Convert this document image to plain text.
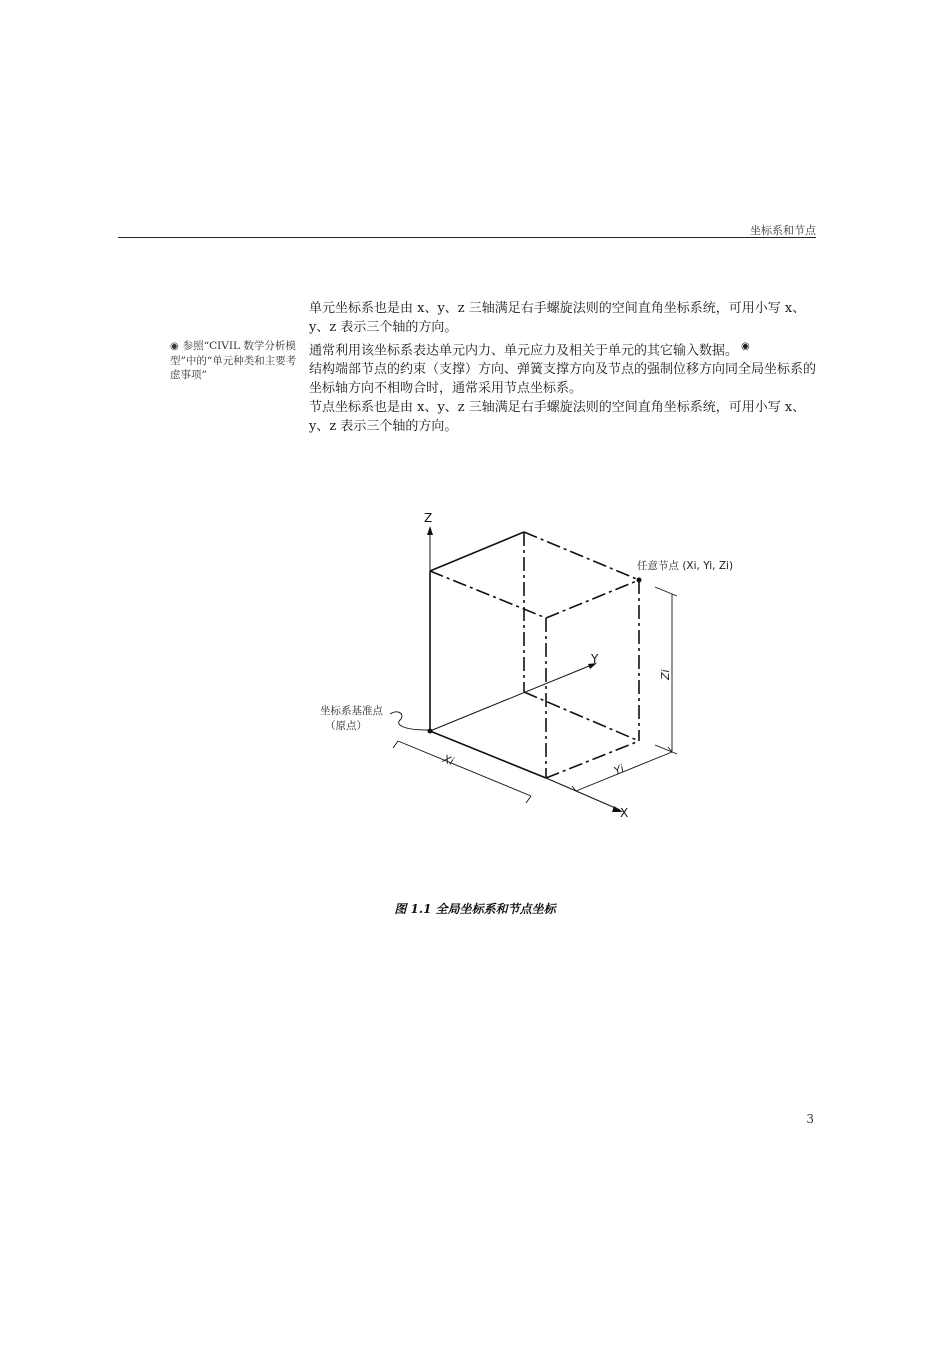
坐标系和节点
◉ 参照“CIVIL 数学分析模型”中的“单元种类和主要考虑事项”

单元坐标系也是由 x、y、z 三轴满足右手螺旋法则的空间直角坐标系统，可用小写 x、y、z 表示三个轴的方向。

通常利用该坐标系表达单元内力、单元应力及相关于单元的其它输入数据。 ◉

结构端部节点的约束（支撑）方向、弹簧支撑方向及节点的强制位移方向同全局坐标系的坐标轴方向不相吻合时，通常采用节点坐标系。

节点坐标系也是由 x、y、z 三轴满足右手螺旋法则的空间直角坐标系统，可用小写 x、y、z 表示三个轴的方向。

Z
Y
X
任意节点 (Xi, Yi, Zi)
坐标系基准点
（原点）
Xi
Yi
Zi
图 1.1 全局坐标系和节点坐标
3
